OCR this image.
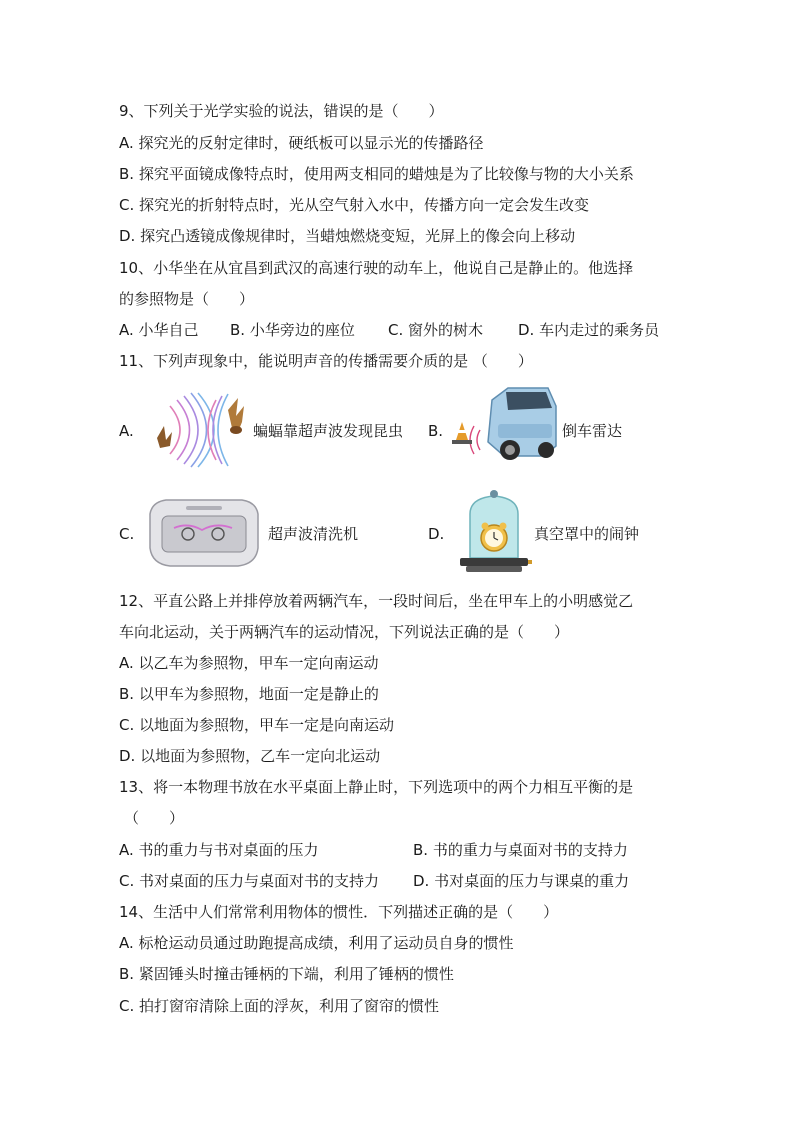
9、下列关于光学实验的说法，错误的是（　　）
A. 探究光的反射定律时，硬纸板可以显示光的传播路径
B. 探究平面镜成像特点时，使用两支相同的蜡烛是为了比较像与物的大小关系
C. 探究光的折射特点时，光从空气射入水中，传播方向一定会发生改变
D. 探究凸透镜成像规律时，当蜡烛燃烧变短，光屏上的像会向上移动
10、小华坐在从宜昌到武汉的高速行驶的动车上，他说自己是静止的。他选择
的参照物是（　　）
A. 小华自己 B. 小华旁边的座位 C. 窗外的树木 D. 车内走过的乘务员
11、下列声现象中，能说明声音的传播需要介质的是 （　　）
A.	蝙蝠靠超声波发现昆虫 B.	倒车雷达
C.	超声波清洗机	D.	真空罩中的闹钟
12、平直公路上并排停放着两辆汽车，一段时间后，坐在甲车上的小明感觉乙
车向北运动，关于两辆汽车的运动情况，下列说法正确的是（　　）
A. 以乙车为参照物，甲车一定向南运动
B. 以甲车为参照物，地面一定是静止的
C. 以地面为参照物，甲车一定是向南运动
D. 以地面为参照物，乙车一定向北运动
13、将一本物理书放在水平桌面上静止时，下列选项中的两个力相互平衡的是
（　　）
A. 书的重力与书对桌面的压力	B. 书的重力与桌面对书的支持力
C. 书对桌面的压力与桌面对书的支持力 D. 书对桌面的压力与课桌的重力
14、生活中人们常常利用物体的惯性．下列描述正确的是（　　）
A. 标枪运动员通过助跑提高成绩，利用了运动员自身的惯性
B. 紧固锤头时撞击锤柄的下端，利用了锤柄的惯性
C. 拍打窗帘清除上面的浮灰，利用了窗帘的惯性
